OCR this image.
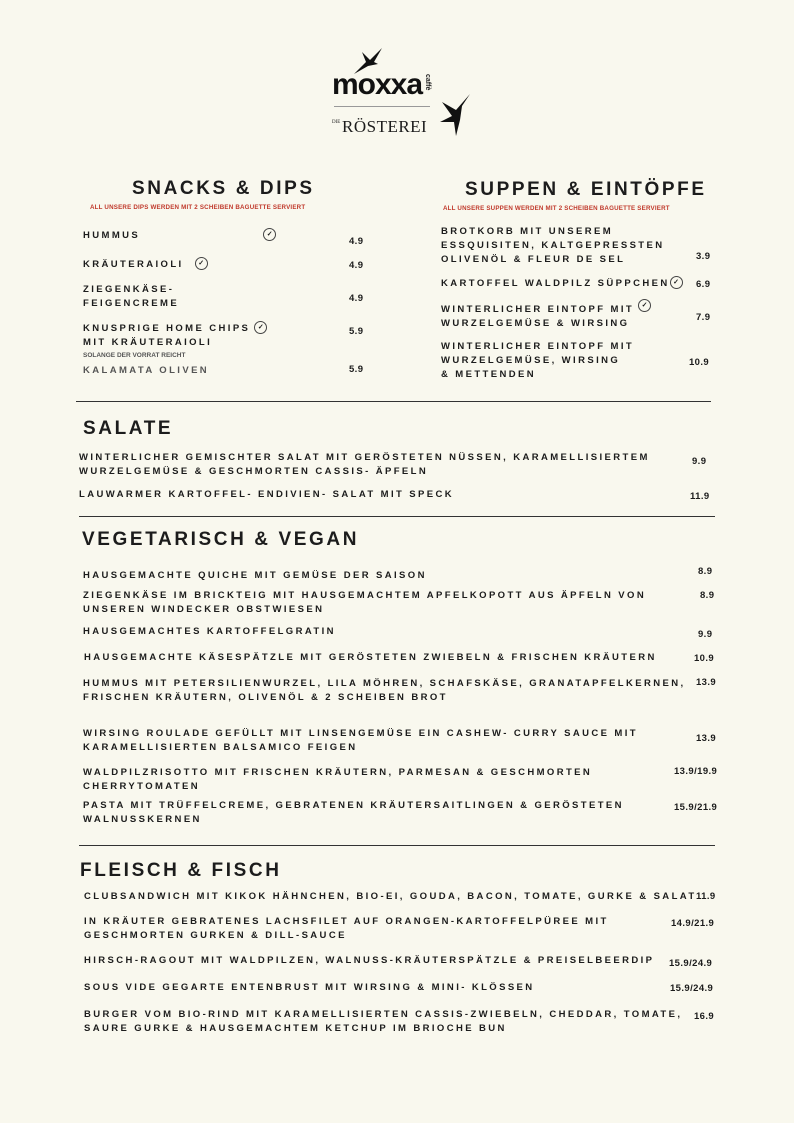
moxxa caffè
DIE RÖSTEREI
SNACKS & DIPS
ALL UNSERE DIPS WERDEN MIT 2 SCHEIBEN BAGUETTE SERVIERT
HUMMUS	✓
4.9
KRÄUTERAIOLI ✓	4.9
ZIEGENKÄSE-
FEIGENCREME	4.9
KNUSPRIGE HOME CHIPS ✓
MIT KRÄUTERAIOLI
5.9
SOLANGE DER VORRAT REICHT
KALAMATA OLIVEN	5.9
SUPPEN & EINTÖPFE
ALL UNSERE SUPPEN WERDEN MIT 2 SCHEIBEN BAGUETTE SERVIERT
BROTKORB MIT UNSEREM
ESSQUISITEN, KALTGEPRESSTEN
OLIVENÖL & FLEUR DE SEL	3.9
KARTOFFEL WALDPILZ SÜPPCHEN ✓	6.9
WINTERLICHER EINTOPF MIT ✓
WURZELGEMÜSE & WIRSING
7.9
WINTERLICHER EINTOPF MIT
WURZELGEMÜSE, WIRSING
& METTENDEN
10.9
SALATE
WINTERLICHER GEMISCHTER SALAT MIT GERÖSTETEN NÜSSEN, KARAMELLISIERTEM
WURZELGEMÜSE & GESCHMORTEN CASSIS- ÄPFELN
9.9
LAUWARMER KARTOFFEL- ENDIVIEN- SALAT MIT SPECK	11.9
VEGETARISCH & VEGAN
HAUSGEMACHTE QUICHE MIT GEMÜSE DER SAISON	8.9
ZIEGENKÄSE IM BRICKTEIG MIT HAUSGEMACHTEM APFELKOPOTT AUS ÄPFELN VON
UNSEREN WINDECKER OBSTWIESEN
8.9
HAUSGEMACHTES KARTOFFELGRATIN	9.9
HAUSGEMACHTE KÄSESPÄTZLE MIT GERÖSTETEN ZWIEBELN & FRISCHEN KRÄUTERN	10.9
HUMMUS MIT PETERSILIENWURZEL, LILA MÖHREN, SCHAFSKÄSE, GRANATAPFELKERNEN,
FRISCHEN KRÄUTERN, OLIVENÖL & 2 SCHEIBEN BROT
13.9
WIRSING ROULADE GEFÜLLT MIT LINSENGEMÜSE EIN CASHEW- CURRY SAUCE MIT
KARAMELLISIERTEN BALSAMICO FEIGEN
13.9
WALDPILZRISOTTO MIT FRISCHEN KRÄUTERN, PARMESAN & GESCHMORTEN
CHERRYTOMATEN
13.9/19.9
PASTA MIT TRÜFFELCREME, GEBRATENEN KRÄUTERSAITLINGEN & GERÖSTETEN
WALNUSSKERNEN
15.9/21.9
FLEISCH & FISCH
CLUBSANDWICH MIT KIKOK HÄHNCHEN, BIO-EI, GOUDA, BACON, TOMATE, GURKE & SALAT 11.9
IN KRÄUTER GEBRATENES LACHSFILET AUF ORANGEN-KARTOFFELPÜREE MIT
GESCHMORTEN GURKEN & DILL-SAUCE
14.9/21.9
HIRSCH-RAGOUT MIT WALDPILZEN, WALNUSS-KRÄUTERSPÄTZLE & PREISELBEERDIP 15.9/24.9
SOUS VIDE GEGARTE ENTENBRUST MIT WIRSING & MINI- KLÖSSEN	15.9/24.9
BURGER VOM BIO-RIND MIT KARAMELLISIERTEN CASSIS-ZWIEBELN, CHEDDAR, TOMATE,
SAURE GURKE & HAUSGEMACHTEM KETCHUP IM BRIOCHE BUN
16.9
